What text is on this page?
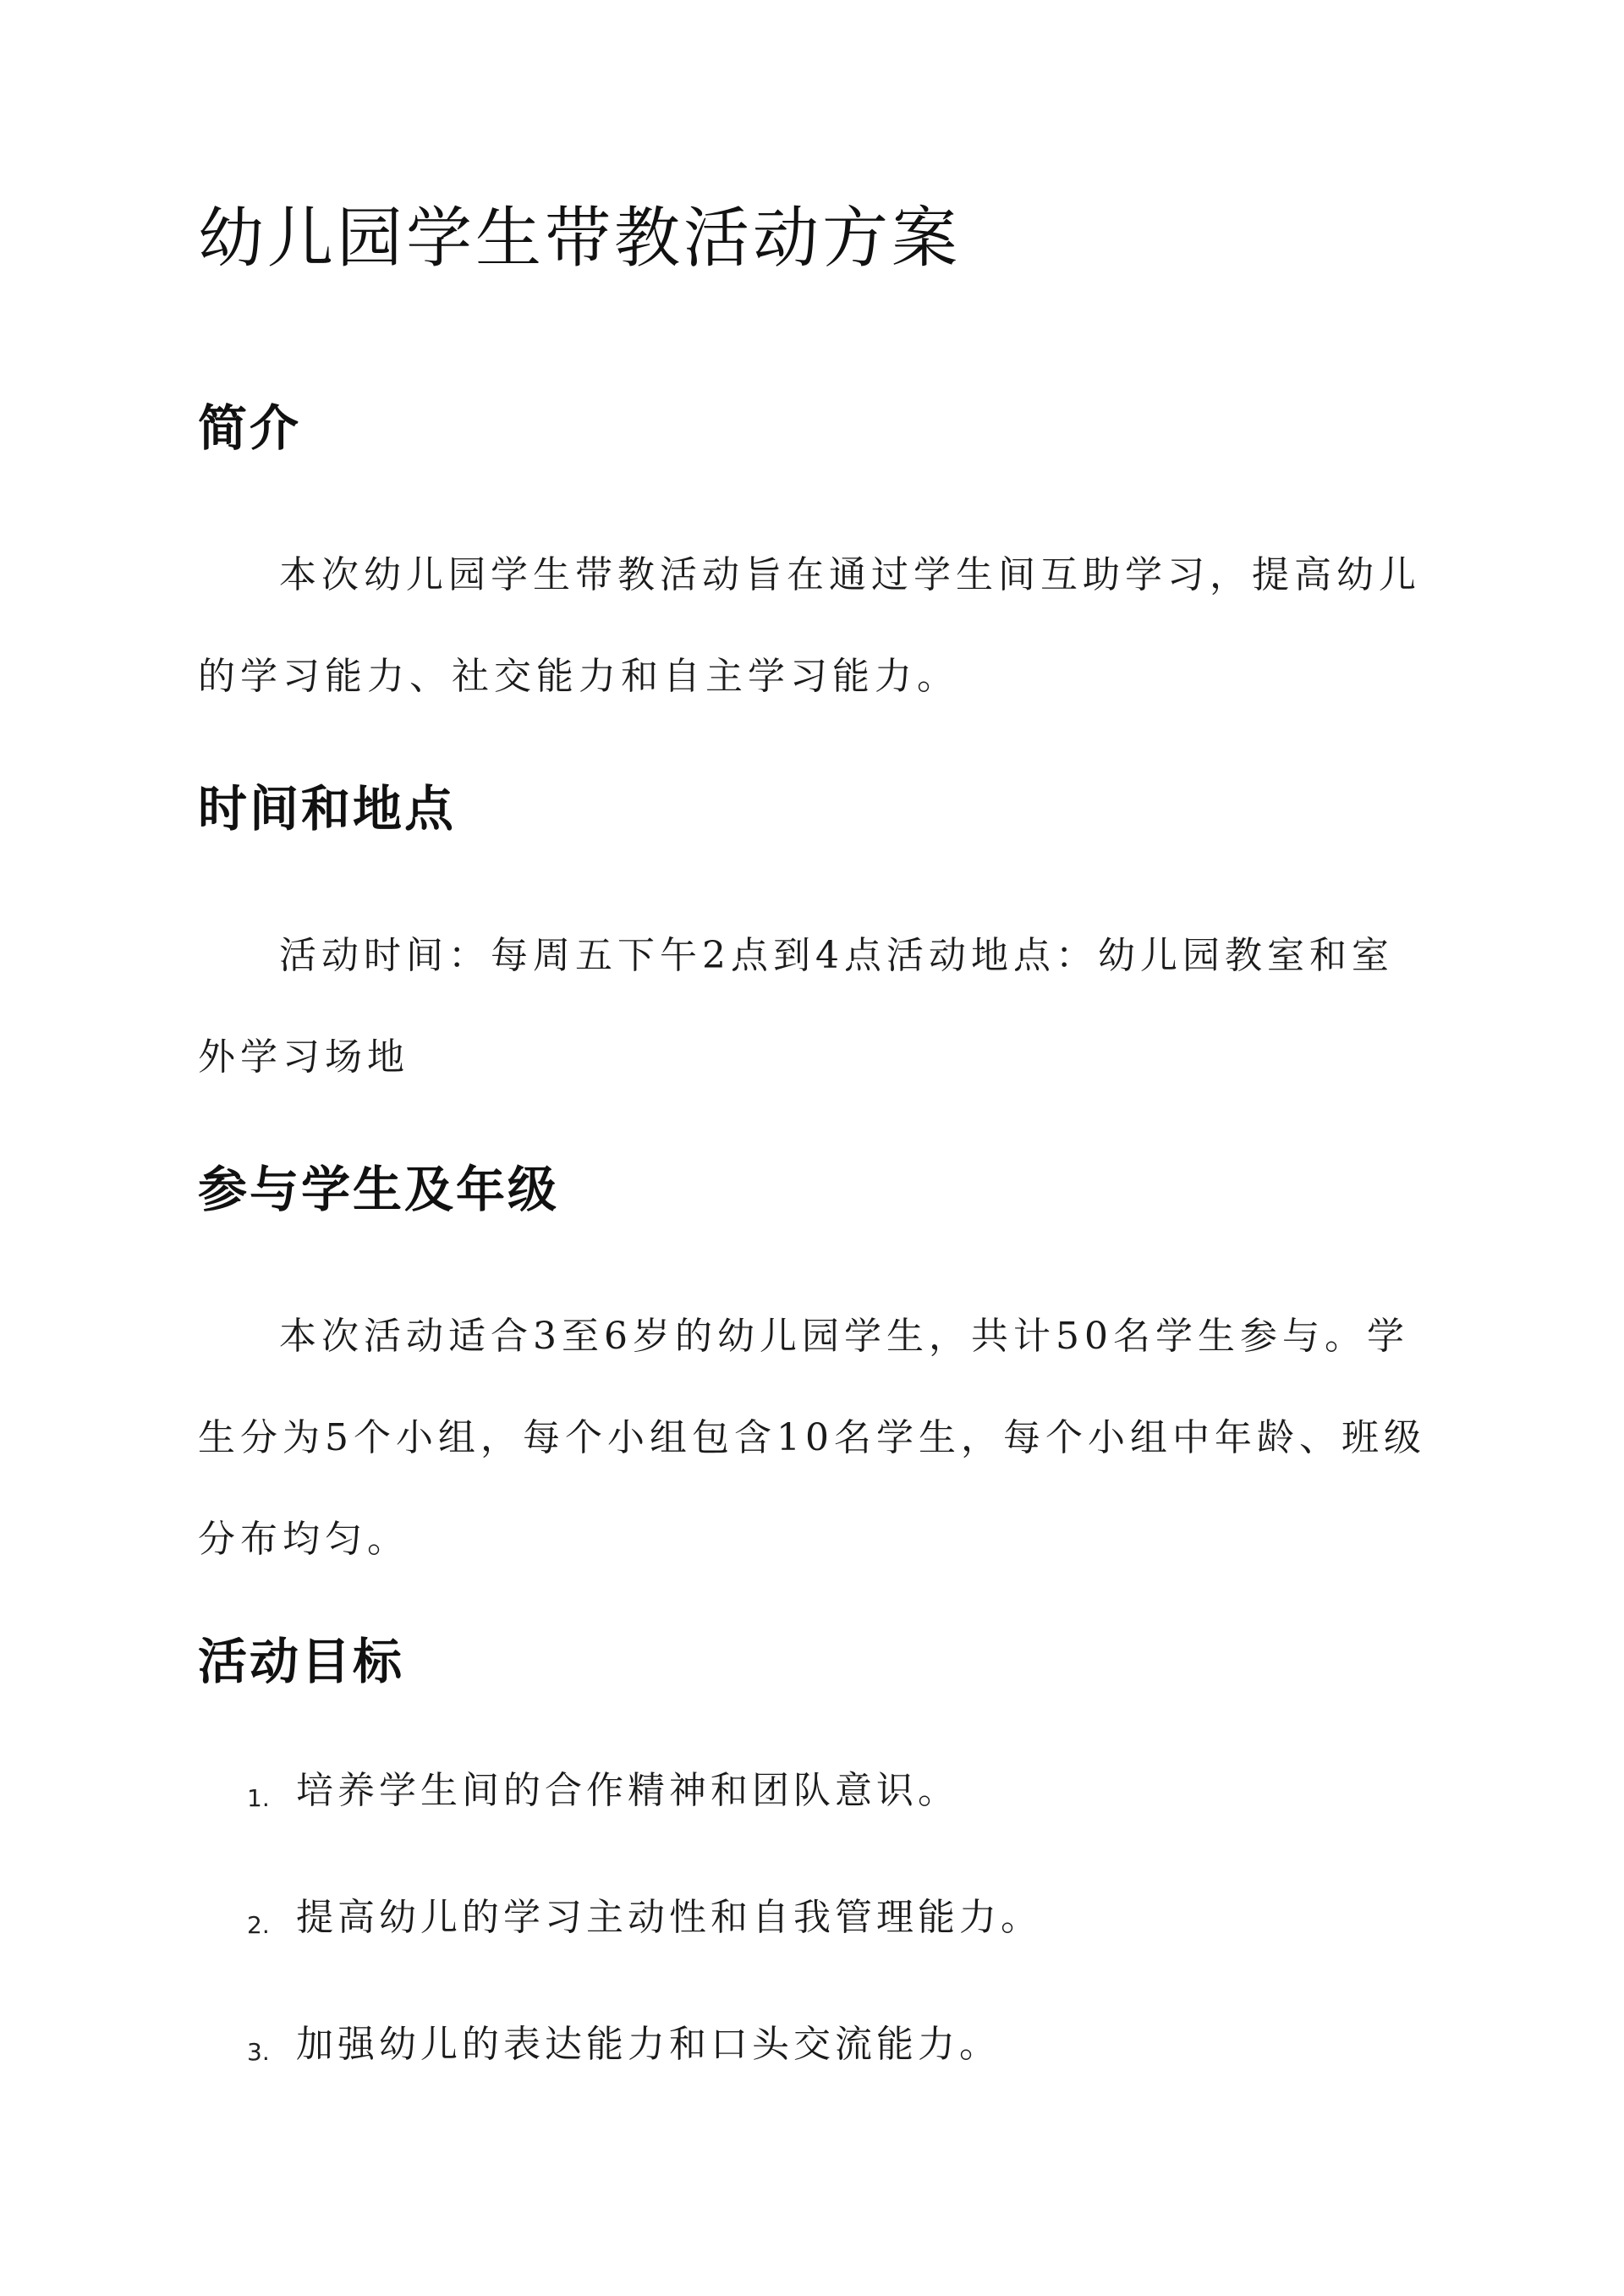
幼儿园学生带教活动方案
简介

本次幼儿园学生带教活动旨在通过学生间互助学习，提高幼儿的学习能力、社交能力和自主学习能力。

时间和地点

活动时间：每周五下午2点到4点活动地点：幼儿园教室和室外学习场地

参与学生及年级

本次活动适合3至6岁的幼儿园学生，共计50名学生参与。学生分为5个小组，每个小组包含10名学生，每个小组中年龄、班级分布均匀。

活动目标
1. 培养学生间的合作精神和团队意识。
2. 提高幼儿的学习主动性和自我管理能力。
3. 加强幼儿的表达能力和口头交流能力。
